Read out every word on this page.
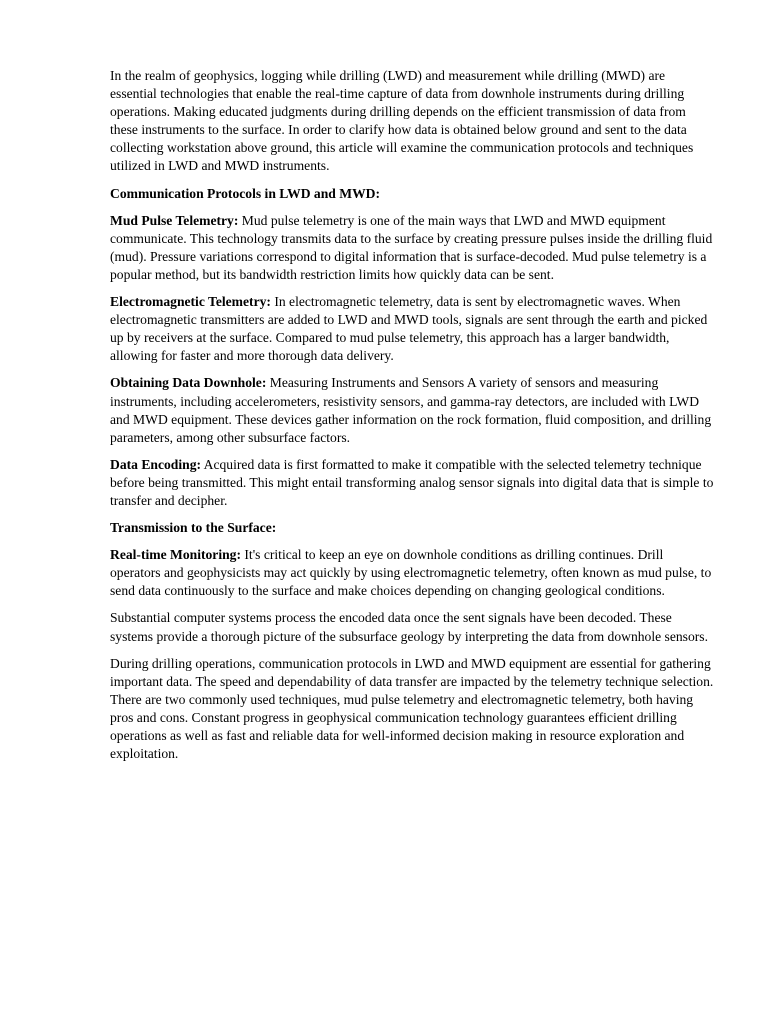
In the realm of geophysics, logging while drilling (LWD) and measurement while drilling (MWD) are essential technologies that enable the real-time capture of data from downhole instruments during drilling operations. Making educated judgments during drilling depends on the efficient transmission of data from these instruments to the surface. In order to clarify how data is obtained below ground and sent to the data collecting workstation above ground, this article will examine the communication protocols and techniques utilized in LWD and MWD instruments.

Communication Protocols in LWD and MWD:

Mud Pulse Telemetry: Mud pulse telemetry is one of the main ways that LWD and MWD equipment communicate. This technology transmits data to the surface by creating pressure pulses inside the drilling fluid (mud). Pressure variations correspond to digital information that is surface-decoded. Mud pulse telemetry is a popular method, but its bandwidth restriction limits how quickly data can be sent.

Electromagnetic Telemetry: In electromagnetic telemetry, data is sent by electromagnetic waves. When electromagnetic transmitters are added to LWD and MWD tools, signals are sent through the earth and picked up by receivers at the surface. Compared to mud pulse telemetry, this approach has a larger bandwidth, allowing for faster and more thorough data delivery.

Obtaining Data Downhole: Measuring Instruments and Sensors A variety of sensors and measuring instruments, including accelerometers, resistivity sensors, and gamma-ray detectors, are included with LWD and MWD equipment. These devices gather information on the rock formation, fluid composition, and drilling parameters, among other subsurface factors.

Data Encoding: Acquired data is first formatted to make it compatible with the selected telemetry technique before being transmitted. This might entail transforming analog sensor signals into digital data that is simple to transfer and decipher.

Transmission to the Surface:

Real-time Monitoring: It's critical to keep an eye on downhole conditions as drilling continues. Drill operators and geophysicists may act quickly by using electromagnetic telemetry, often known as mud pulse, to send data continuously to the surface and make choices depending on changing geological conditions.

Substantial computer systems process the encoded data once the sent signals have been decoded. These systems provide a thorough picture of the subsurface geology by interpreting the data from downhole sensors.

During drilling operations, communication protocols in LWD and MWD equipment are essential for gathering important data. The speed and dependability of data transfer are impacted by the telemetry technique selection. There are two commonly used techniques, mud pulse telemetry and electromagnetic telemetry, both having pros and cons. Constant progress in geophysical communication technology guarantees efficient drilling operations as well as fast and reliable data for well-informed decision making in resource exploration and exploitation.
